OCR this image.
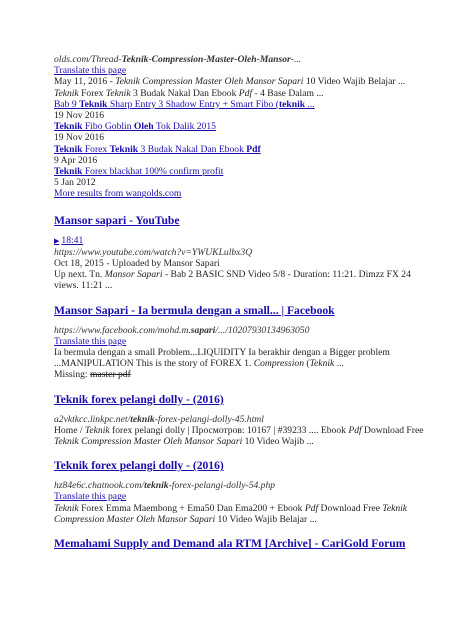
olds.com/Thread-Teknik-Compression-Master-Oleh-Mansor-...
Translate this page
May 11, 2016 - Teknik Compression Master Oleh Mansor Sapari 10 Video Wajib Belajar ...
Teknik Forex Teknik 3 Budak Nakal Dan Ebook Pdf - 4 Base Dalam ...
Bab 9 Teknik Sharp Entry 3 Shadow Entry + Smart Fibo (teknik ...
19 Nov 2016
Teknik Fibo Goblin Oleh Tok Dalik 2015
19 Nov 2016
Teknik Forex Teknik 3 Budak Nakal Dan Ebook Pdf
9 Apr 2016
Teknik Forex blackhat 100% confirm profit
5 Jan 2012
More results from wangolds.com
Mansor sapari - YouTube
▶ 18:41
https://www.youtube.com/watch?v=YWUKLulbx3Q
Oct 18, 2015 - Uploaded by Mansor Sapari
Up next. Tn. Mansor Sapari - Bab 2 BASIC SND Video 5/8 - Duration: 11:21. Dimzz FX 24
views. 11:21 ...
Mansor Sapari - Ia bermula dengan a small... | Facebook
https://www.facebook.com/mohd.m.sapari/.../10207930134963050
Translate this page
Ia bermula dengan a small Problem...LIQUIDITY Ia berakhir dengan a Bigger problem
...MANIPULATION This is the story of FOREX 1. Compression (Teknik ...
Missing: master pdf
Teknik forex pelangi dolly - (2016)
a2vktkcc.linkpc.net/teknik-forex-pelangi-dolly-45.html
Home / Teknik forex pelangi dolly | Просмотров: 10167 | #39233 .... Ebook Pdf Download Free
Teknik Compression Master Oleh Mansor Sapari 10 Video Wajib ...
Teknik forex pelangi dolly - (2016)
hz84e6c.chatnook.com/teknik-forex-pelangi-dolly-54.php
Translate this page
Teknik Forex Emma Maembong + Ema50 Dan Ema200 + Ebook Pdf Download Free Teknik
Compression Master Oleh Mansor Sapari 10 Video Wajib Belajar ...
Memahami Supply and Demand ala RTM [Archive] - CariGold Forum
